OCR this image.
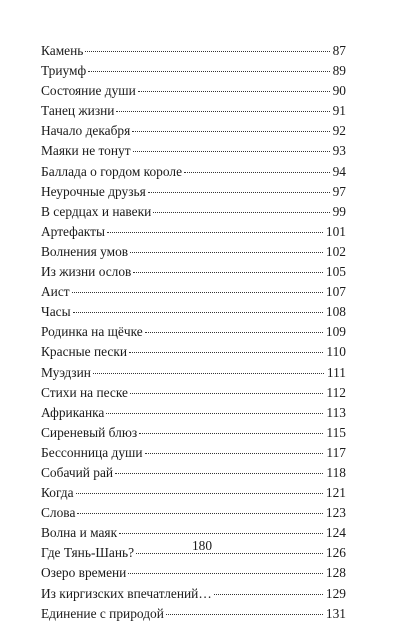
Камень	87
Триумф	89
Состояние души	90
Танец жизни	91
Начало декабря	92
Маяки не тонут	93
Баллада о гордом короле	94
Неурочные друзья	97
В сердцах и навеки	99
Артефакты	101
Волнения умов	102
Из жизни ослов	105
Аист	107
Часы	108
Родинка на щёчке	109
Красные пески	110
Муэдзин	111
Стихи на песке	112
Африканка	113
Сиреневый блюз	115
Бессонница души	117
Собачий рай	118
Когда	121
Слова	123
Волна и маяк	124
Где Тянь-Шань?	126
Озеро времени	128
Из киргизских впечатлений…	129
Единение с природой	131
180
